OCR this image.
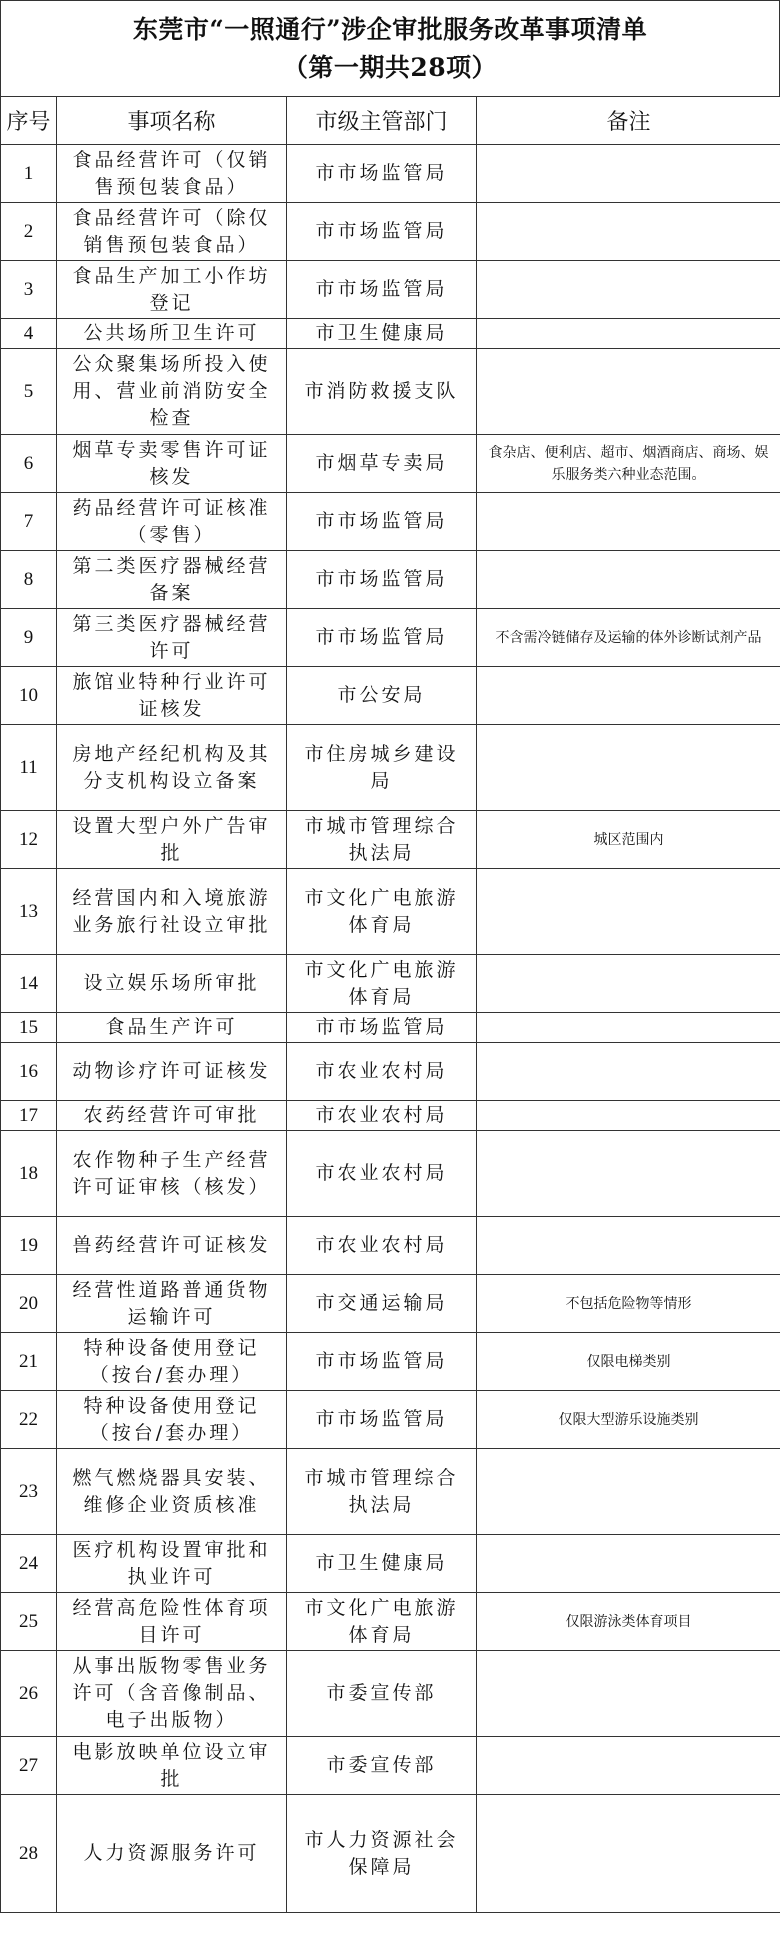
东莞市“一照通行”涉企审批服务改革事项清单
（第一期共28项）
序号	事项名称	市级主管部门	备注
1	食品经营许可（仅销售预包装食品）	市市场监管局	
2	食品经营许可（除仅销售预包装食品）	市市场监管局	
3	食品生产加工小作坊登记	市市场监管局	
4	公共场所卫生许可	市卫生健康局	
5	公众聚集场所投入使用、营业前消防安全检查	市消防救援支队	
6	烟草专卖零售许可证核发	市烟草专卖局	食杂店、便利店、超市、烟酒商店、商场、娱乐服务类六种业态范围。
7	药品经营许可证核准（零售）	市市场监管局	
8	第二类医疗器械经营备案	市市场监管局	
9	第三类医疗器械经营许可	市市场监管局	不含需冷链储存及运输的体外诊断试剂产品
10	旅馆业特种行业许可证核发	市公安局	
11	房地产经纪机构及其分支机构设立备案	市住房城乡建设局	
12	设置大型户外广告审批	市城市管理综合执法局	城区范围内
13	经营国内和入境旅游业务旅行社设立审批	市文化广电旅游体育局	
14	设立娱乐场所审批	市文化广电旅游体育局	
15	食品生产许可	市市场监管局	
16	动物诊疗许可证核发	市农业农村局	
17	农药经营许可审批	市农业农村局	
18	农作物种子生产经营许可证审核（核发）	市农业农村局	
19	兽药经营许可证核发	市农业农村局	
20	经营性道路普通货物运输许可	市交通运输局	不包括危险物等情形
21	特种设备使用登记（按台/套办理）	市市场监管局	仅限电梯类别
22	特种设备使用登记（按台/套办理）	市市场监管局	仅限大型游乐设施类别
23	燃气燃烧器具安装、维修企业资质核准	市城市管理综合执法局	
24	医疗机构设置审批和执业许可	市卫生健康局	
25	经营高危险性体育项目许可	市文化广电旅游体育局	仅限游泳类体育项目
26	从事出版物零售业务许可（含音像制品、电子出版物）	市委宣传部	
27	电影放映单位设立审批	市委宣传部	
28	人力资源服务许可	市人力资源社会保障局	
